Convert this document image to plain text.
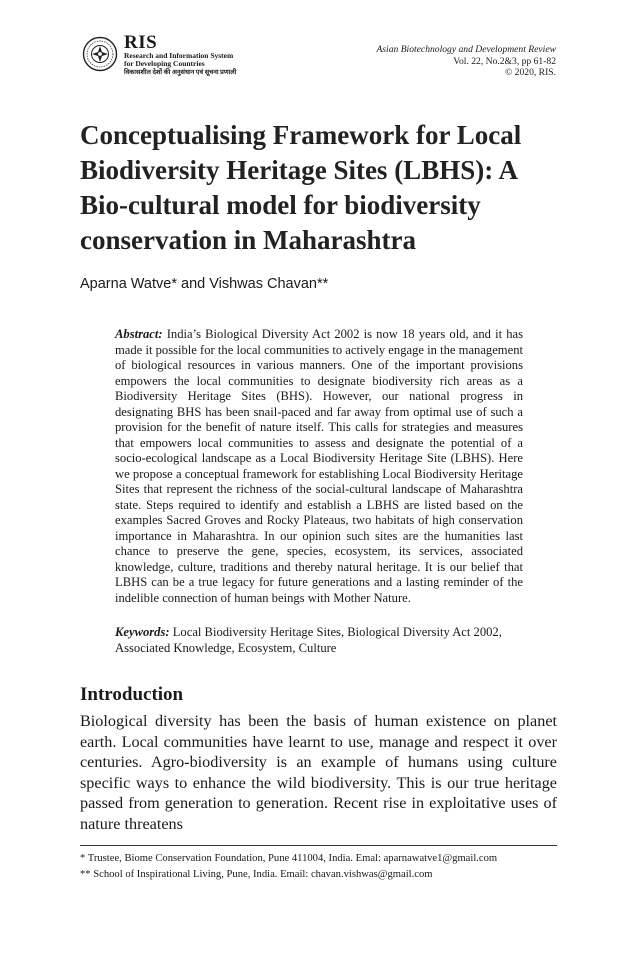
RIS
Research and Information System
for Developing Countries
विकासशील देशों की अनुसंधान एवं सूचना प्रणाली
Asian Biotechnology and Development Review
Vol. 22, No.2&3, pp 61-82
© 2020, RIS.
Conceptualising Framework for Local Biodiversity Heritage Sites (LBHS): A Bio-cultural model for biodiversity conservation in Maharashtra
Aparna Watve* and Vishwas Chavan**

Abstract: India’s Biological Diversity Act 2002 is now 18 years old, and it has made it possible for the local communities to actively engage in the management of biological resources in various manners. One of the important provisions empowers the local communities to designate biodiversity rich areas as a Biodiversity Heritage Sites (BHS). However, our national progress in designating BHS has been snail-paced and far away from optimal use of such a provision for the benefit of nature itself. This calls for strategies and measures that empowers local communities to assess and designate the potential of a socio-ecological landscape as a Local Biodiversity Heritage Site (LBHS). Here we propose a conceptual framework for establishing Local Biodiversity Heritage Sites that represent the richness of the social-cultural landscape of Maharashtra state. Steps required to identify and establish a LBHS are listed based on the examples Sacred Groves and Rocky Plateaus, two habitats of high conservation importance in Maharashtra. In our opinion such sites are the humanities last chance to preserve the gene, species, ecosystem, its services, associated knowledge, culture, traditions and thereby natural heritage. It is our belief that LBHS can be a true legacy for future generations and a lasting reminder of the indelible connection of human beings with Mother Nature.

Keywords: Local Biodiversity Heritage Sites, Biological Diversity Act 2002, Associated Knowledge, Ecosystem, Culture

Introduction

Biological diversity has been the basis of human existence on planet earth. Local communities have learnt to use, manage and respect it over centuries. Agro-biodiversity is an example of humans using culture specific ways to enhance the wild biodiversity. This is our true heritage passed from generation to generation. Recent rise in exploitative uses of nature threatens

* Trustee, Biome Conservation Foundation, Pune 411004, India. Emal: aparnawatve1@gmail.com

** School of Inspirational Living, Pune, India. Email: chavan.vishwas@gmail.com
